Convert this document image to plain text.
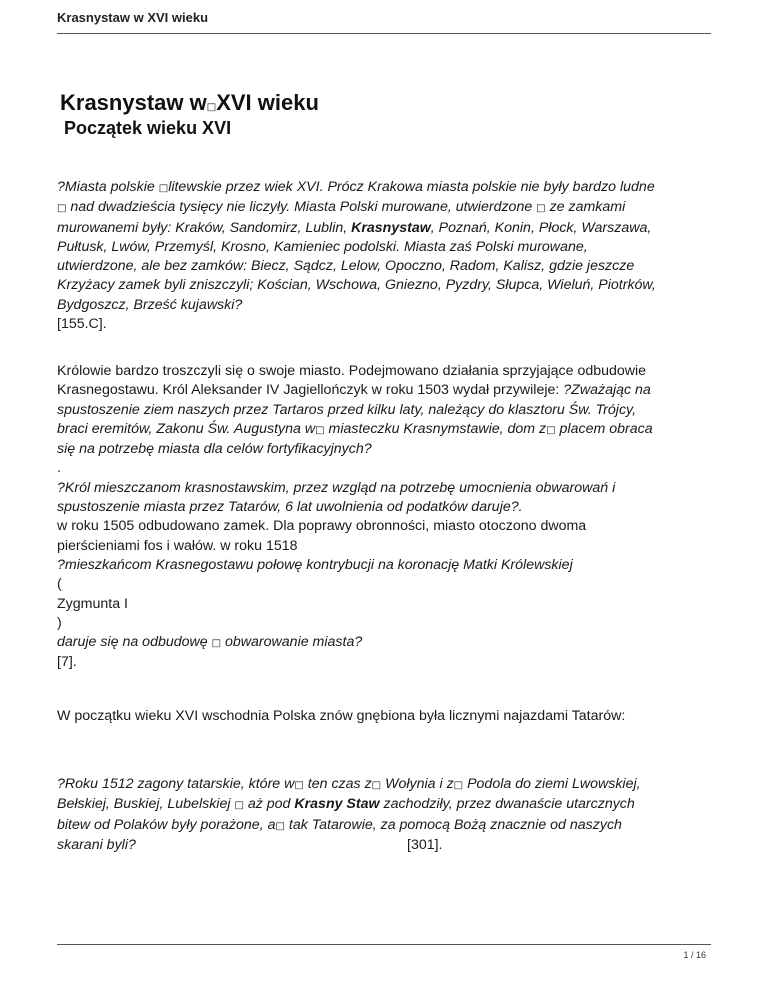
Krasnystaw w XVI wieku
Krasnystaw w□XVI wieku
Początek wieku XVI

?Miasta polskie □litewskie przez wiek XVI. Prócz Krakowa miasta polskie nie były bardzo ludne

□ nad dwadzieścia tysięcy nie liczyły. Miasta Polski murowane, utwierdzone □ ze zamkami

murowanemi były: Kraków, Sandomirz, Lublin, Krasnystaw, Poznań, Konin, Płock, Warszawa,

Pułtusk, Lwów, Przemyśl, Krosno, Kamieniec podolski. Miasta zaś Polski murowane,

utwierdzone, ale bez zamków: Biecz, Sądcz, Lelow, Opoczno, Radom, Kalisz, gdzie jeszcze

Krzyżacy zamek byli zniszczyli; Kościan, Wschowa, Gniezno, Pyzdry, Słupca, Wieluń, Piotrków,

Bydgoszcz, Brześć kujawski?

[155.C].

Królowie bardzo troszczyli się o swoje miasto. Podejmowano działania sprzyjające odbudowie

Krasnegostawu. Król Aleksander IV Jagiellończyk w roku 1503 wydał przywileje: ?Zważając na

spustoszenie ziem naszych przez Tartaros przed kilku laty, należący do klasztoru Św. Trójcy,

braci eremitów, Zakonu Św. Augustyna w□ miasteczku Krasnymstawie, dom z□ placem obraca

się na potrzebę miasta dla celów fortyfikacyjnych?

.

?Król mieszczanom krasnostawskim, przez wzgląd na potrzebę umocnienia obwarowań i

spustoszenie miasta przez Tatarów, 6 lat uwolnienia od podatków daruje?.

w roku 1505 odbudowano zamek. Dla poprawy obronności, miasto otoczono dwoma

pierścieniami fos i wałów. w roku 1518

?mieszkańcom Krasnegostawu połowę kontrybucji na koronację Matki Królewskiej

(

Zygmunta I

)

daruje się na odbudowę □ obwarowanie miasta?

[7].

W początku wieku XVI wschodnia Polska znów gnębiona była licznymi najazdami Tatarów:

?Roku 1512 zagony tatarskie, które w□ ten czas z□ Wołynia i z□ Podola do ziemi Lwowskiej,

Bełskiej, Buskiej, Lubelskiej □ aż pod Krasny Staw zachodziły, przez dwanaście utarcznych

bitew od Polaków były porażone, a□ tak Tatarowie, za pomocą Bożą znacznie od naszych

skarani byli?	[301].

1 / 16
